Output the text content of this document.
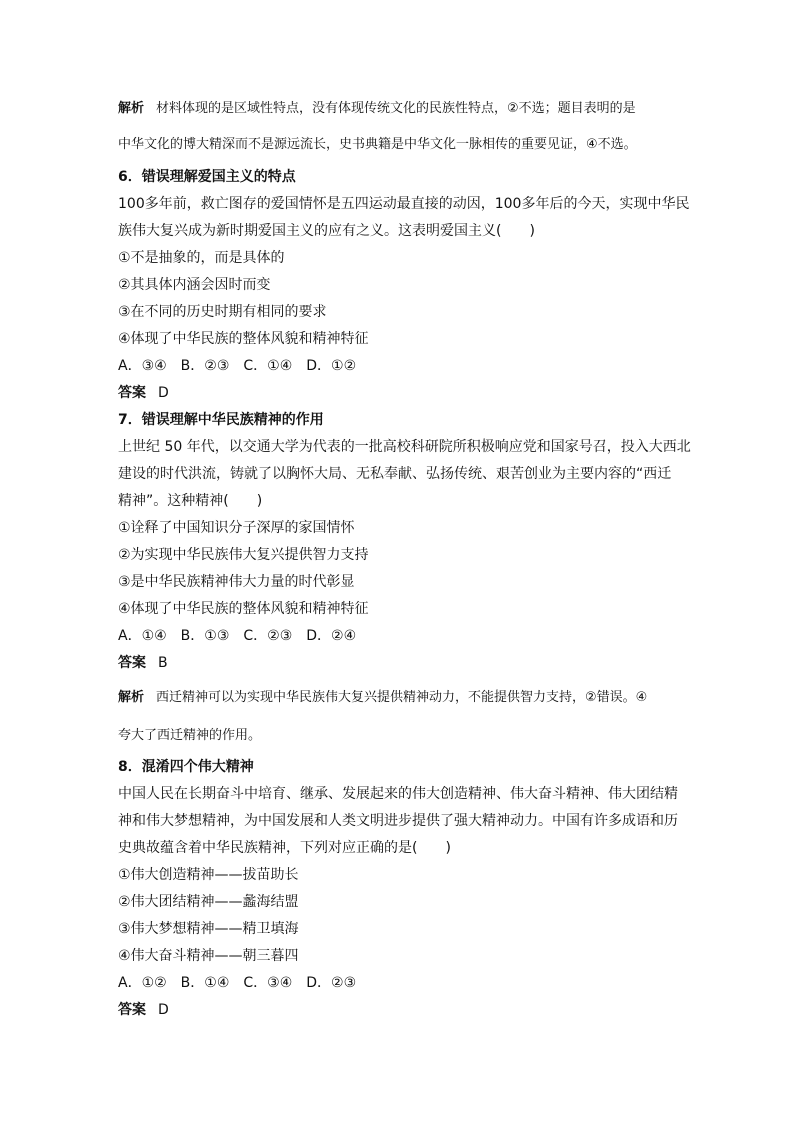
解析 材料体现的是区域性特点，没有体现传统文化的民族性特点，②不选；题目表明的是
中华文化的博大精深而不是源远流长，史书典籍是中华文化一脉相传的重要见证，④不选。
6．错误理解爱国主义的特点
100多年前，救亡图存的爱国情怀是五四运动最直接的动因，100多年后的今天，实现中华民
族伟大复兴成为新时期爱国主义的应有之义。这表明爱国主义(　　)
①不是抽象的，而是具体的
②其具体内涵会因时而变
③在不同的历史时期有相同的要求
④体现了中华民族的整体风貌和精神特征
A．③④　B．②③　C．①④　D．①②
答案 D
7．错误理解中华民族精神的作用
上世纪 50 年代，以交通大学为代表的一批高校科研院所积极响应党和国家号召，投入大西北
建设的时代洪流，铸就了以胸怀大局、无私奉献、弘扬传统、艰苦创业为主要内容的“西迁
精神”。这种精神(　　)
①诠释了中国知识分子深厚的家国情怀
②为实现中华民族伟大复兴提供智力支持
③是中华民族精神伟大力量的时代彰显
④体现了中华民族的整体风貌和精神特征
A．①④　B．①③　C．②③　D．②④
答案 B
解析 西迁精神可以为实现中华民族伟大复兴提供精神动力，不能提供智力支持，②错误。④
夸大了西迁精神的作用。
8．混淆四个伟大精神
中国人民在长期奋斗中培育、继承、发展起来的伟大创造精神、伟大奋斗精神、伟大团结精
神和伟大梦想精神，为中国发展和人类文明进步提供了强大精神动力。中国有许多成语和历
史典故蕴含着中华民族精神，下列对应正确的是(　　)
①伟大创造精神——拔苗助长
②伟大团结精神——蠡海结盟
③伟大梦想精神——精卫填海
④伟大奋斗精神——朝三暮四
A．①②　B．①④　C．③④　D．②③
答案 D
